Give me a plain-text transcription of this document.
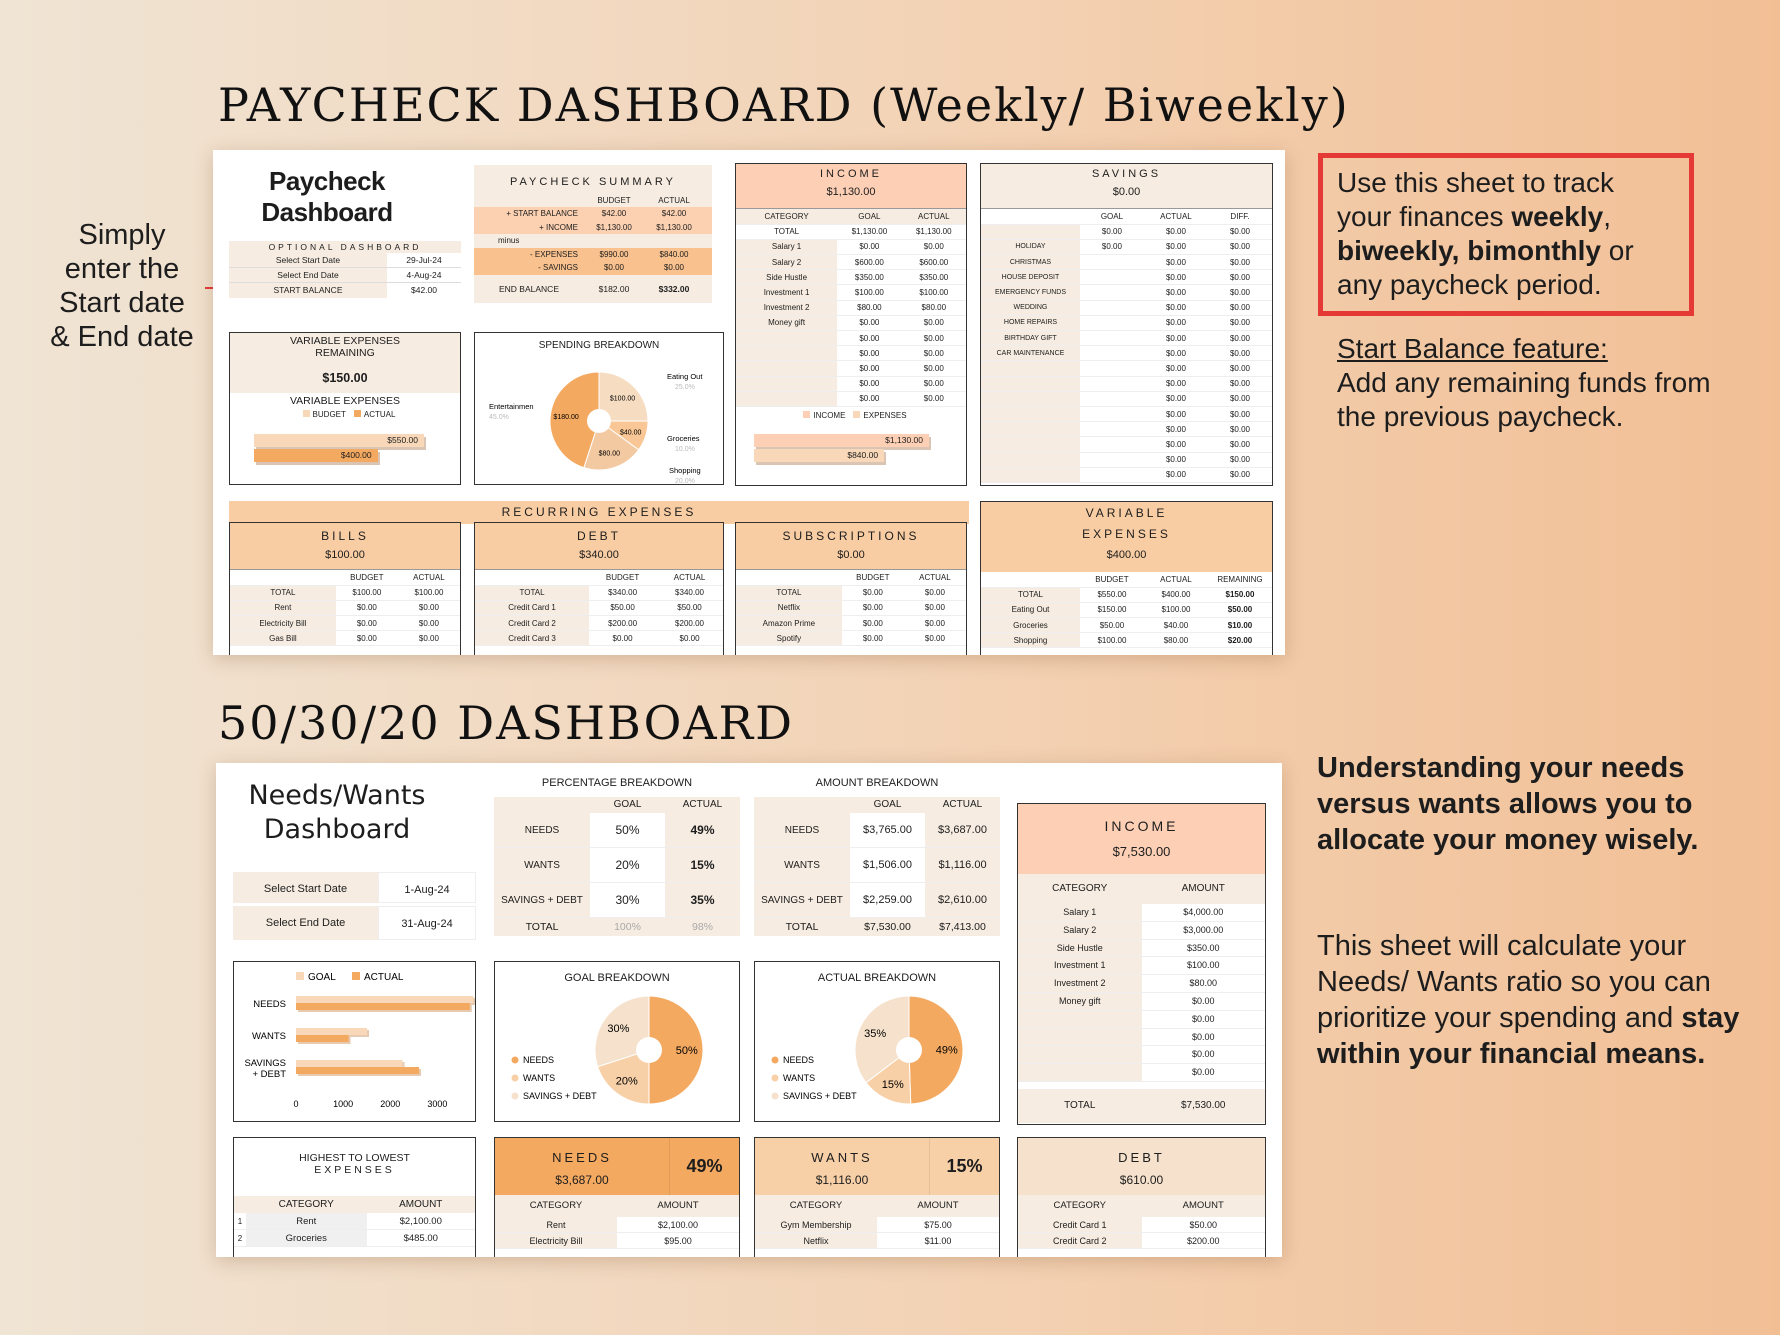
PAYCHECK DASHBOARD (Weekly/ Biweekly)
50/30/20 DASHBOARD
Simply
enter the
Start date
& End date
Use this sheet to track your finances weekly, biweekly, bimonthly or any paycheck period.
Start Balance feature:
Add any remaining funds from the previous paycheck.
Understanding your needs versus wants allows you to allocate your money wisely.
This sheet will calculate your Needs/ Wants ratio so you can prioritize your spending and stay within your financial means.
Paycheck
Dashboard
OPTIONAL DASHBOARD
Select Start Date	29-Jul-24
Select End Date	4-Aug-24
START BALANCE	$42.00
PAYCHECK SUMMARY
BUDGET	ACTUAL
+ START BALANCE	$42.00	$42.00
+ INCOME	$1,130.00	$1,130.00
minus
- EXPENSES	$990.00	$840.00
- SAVINGS	$0.00	$0.00
END BALANCE	$182.00	$332.00
VARIABLE EXPENSES
REMAINING
$150.00
VARIABLE EXPENSES
BUDGET ACTUAL
$550.00
$400.00
SPENDING BREAKDOWN
$100.00
Eating Out
25.0%
$40.00
Groceries
10.0%
$80.00
Shopping
20.0%
$180.00
Entertainmen
45.0%
INCOME
$1,130.00
CATEGORY	GOAL	ACTUAL
TOTAL	$1,130.00	$1,130.00
Salary 1	$0.00	$0.00
Salary 2	$600.00	$600.00
Side Hustle	$350.00	$350.00
Investment 1	$100.00	$100.00
Investment 2	$80.00	$80.00
Money gift	$0.00	$0.00
	$0.00	$0.00
	$0.00	$0.00
	$0.00	$0.00
	$0.00	$0.00
	$0.00	$0.00
INCOME EXPENSES
$1,130.00
$840.00
SAVINGS
$0.00
	GOAL	ACTUAL	DIFF.
	$0.00	$0.00	$0.00
HOLIDAY	$0.00	$0.00	$0.00
CHRISTMAS		$0.00	$0.00
HOUSE DEPOSIT		$0.00	$0.00
EMERGENCY FUNDS		$0.00	$0.00
WEDDING		$0.00	$0.00
HOME REPAIRS		$0.00	$0.00
BIRTHDAY GIFT		$0.00	$0.00
CAR MAINTENANCE		$0.00	$0.00
		$0.00	$0.00
		$0.00	$0.00
		$0.00	$0.00
		$0.00	$0.00
		$0.00	$0.00
		$0.00	$0.00
		$0.00	$0.00
		$0.00	$0.00
RECURRING EXPENSES
BILLS
$100.00
	BUDGET	ACTUAL
TOTAL	$100.00	$100.00
Rent	$0.00	$0.00
Electricity Bill	$0.00	$0.00
Gas Bill	$0.00	$0.00
DEBT
$340.00
	BUDGET	ACTUAL
TOTAL	$340.00	$340.00
Credit Card 1	$50.00	$50.00
Credit Card 2	$200.00	$200.00
Credit Card 3	$0.00	$0.00
SUBSCRIPTIONS
$0.00
	BUDGET	ACTUAL
TOTAL	$0.00	$0.00
Netflix	$0.00	$0.00
Amazon Prime	$0.00	$0.00
Spotify	$0.00	$0.00
VARIABLE
EXPENSES
$400.00
	BUDGET	ACTUAL	REMAINING
TOTAL	$550.00	$400.00	$150.00
Eating Out	$150.00	$100.00	$50.00
Groceries	$50.00	$40.00	$10.00
Shopping	$100.00	$80.00	$20.00
Needs/Wants
Dashboard
Select Start Date	1-Aug-24
Select End Date	31-Aug-24
PERCENTAGE BREAKDOWN
GOAL	ACTUAL
NEEDS	50%	49%
WANTS	20%	15%
SAVINGS + DEBT	30%	35%
TOTAL	100%	98%
AMOUNT BREAKDOWN
GOAL	ACTUAL
NEEDS	$3,765.00	$3,687.00
WANTS	$1,506.00	$1,116.00
SAVINGS + DEBT	$2,259.00	$2,610.00
TOTAL	$7,530.00	$7,413.00
INCOME
$7,530.00
CATEGORY	AMOUNT
Salary 1	$4,000.00
Salary 2	$3,000.00
Side Hustle	$350.00
Investment 1	$100.00
Investment 2	$80.00
Money gift	$0.00
$0.00
$0.00
$0.00
$0.00
TOTAL	$7,530.00
GOAL	ACTUAL
NEEDS
WANTS
SAVINGS
+ DEBT
0	1000	2000	3000
GOAL BREAKDOWN
50%
20%
30%
NEEDS
WANTS
SAVINGS + DEBT
ACTUAL BREAKDOWN
49%
15%
35%
NEEDS
WANTS
SAVINGS + DEBT
HIGHEST TO LOWEST
EXPENSES
CATEGORY	AMOUNT
1	Rent	$2,100.00
2	Groceries	$485.00
NEEDS
$3,687.00
49%
CATEGORY	AMOUNT
Rent	$2,100.00
Electricity Bill	$95.00
WANTS
$1,116.00
15%
CATEGORY	AMOUNT
Gym Membership	$75.00
Netflix	$11.00
DEBT
$610.00
CATEGORY	AMOUNT
Credit Card 1	$50.00
Credit Card 2	$200.00
